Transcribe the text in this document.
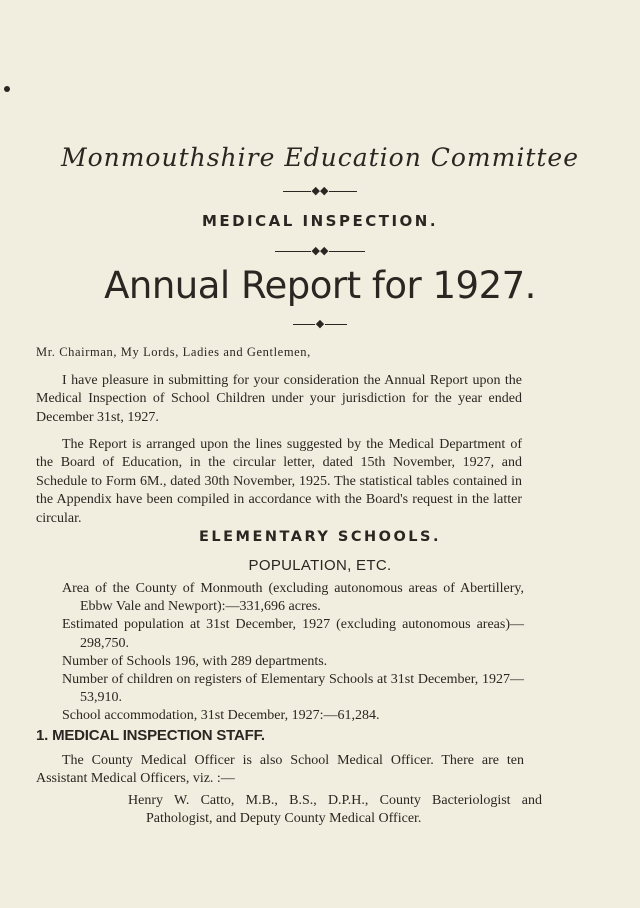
Monmouthshire Education Committee
◆◆
MEDICAL INSPECTION.
◆◆
Annual Report for 1927.
◆
Mr. Chairman, My Lords, Ladies and Gentlemen,
I have pleasure in submitting for your consideration the Annual Report upon the Medical Inspection of School Children under your jurisdiction for the year ended December 31st, 1927.
The Report is arranged upon the lines suggested by the Medical Department of the Board of Education, in the circular letter, dated 15th November, 1927, and Schedule to Form 6M., dated 30th November, 1925. The statistical tables contained in the Appendix have been compiled in accordance with the Board's request in the latter circular.
ELEMENTARY SCHOOLS.
POPULATION, ETC.
Area of the County of Monmouth (excluding autonomous areas of Abertillery, Ebbw Vale and Newport):—331,696 acres.
Estimated population at 31st December, 1927 (excluding autonomous areas)—298,750.
Number of Schools 196, with 289 departments.
Number of children on registers of Elementary Schools at 31st December, 1927—53,910.
School accommodation, 31st December, 1927:—61,284.
1. MEDICAL INSPECTION STAFF.
The County Medical Officer is also School Medical Officer. There are ten Assistant Medical Officers, viz. :—
Henry W. Catto, M.B., B.S., D.P.H., County Bacteriologist and Pathologist, and Deputy County Medical Officer.
